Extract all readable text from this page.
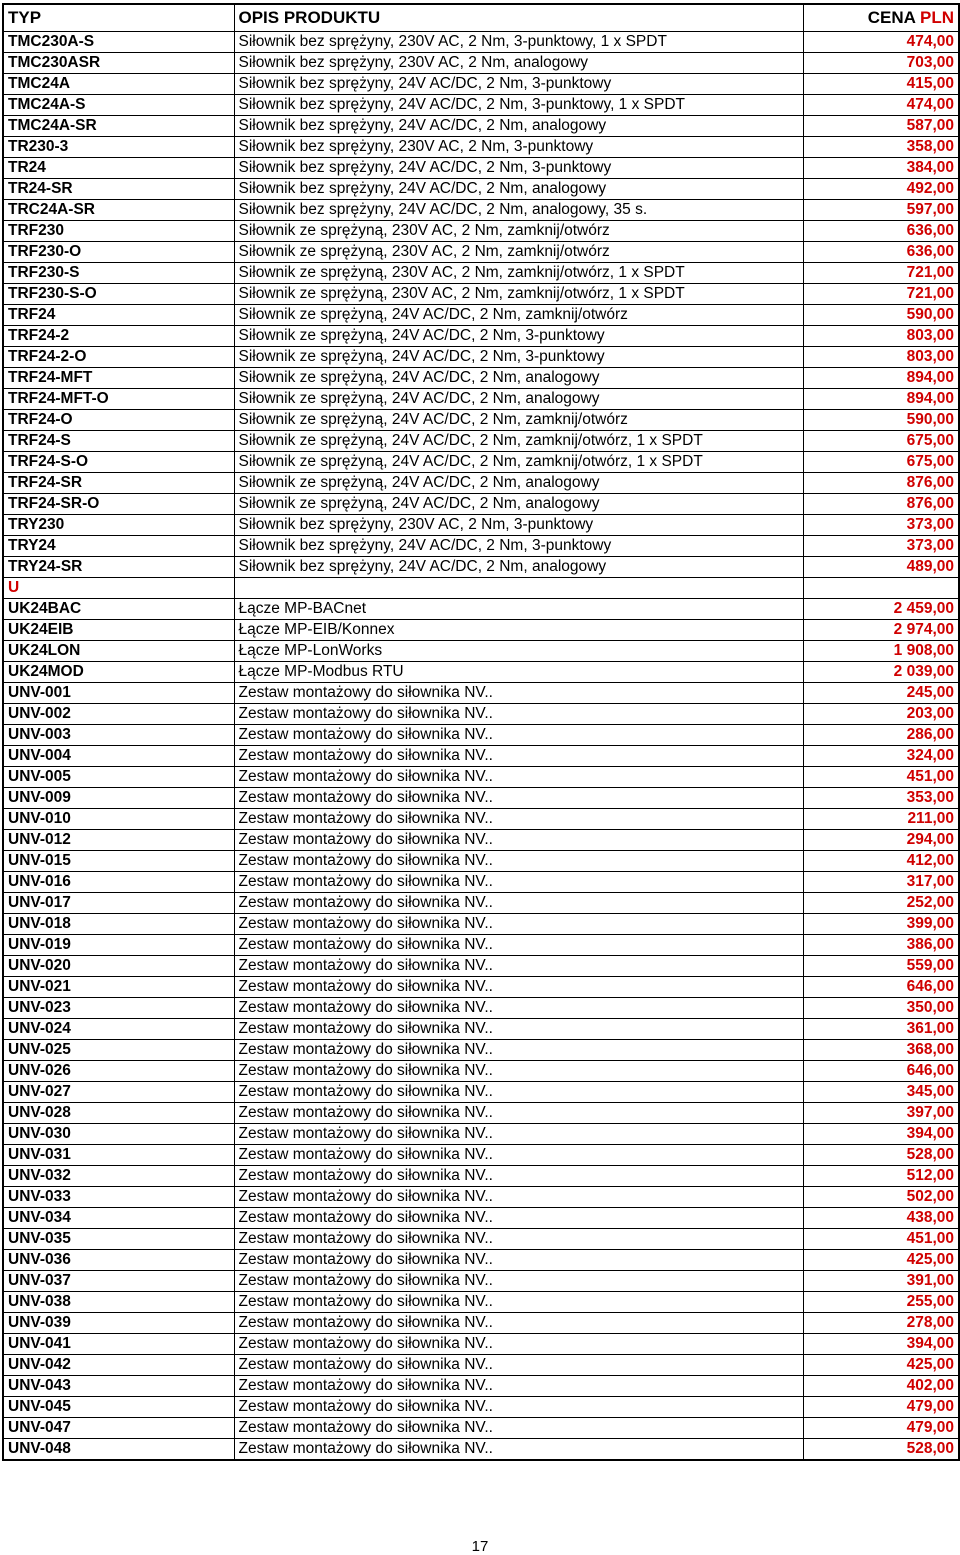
TYP	OPIS PRODUKTU	CENA PLN
TMC230A-S	Siłownik bez sprężyny, 230V AC, 2 Nm, 3-punktowy, 1 x SPDT	474,00
TMC230ASR	Siłownik bez sprężyny, 230V AC, 2 Nm, analogowy	703,00
TMC24A	Siłownik bez sprężyny, 24V AC/DC, 2 Nm, 3-punktowy	415,00
TMC24A-S	Siłownik bez sprężyny, 24V AC/DC, 2 Nm, 3-punktowy, 1 x SPDT	474,00
TMC24A-SR	Siłownik bez sprężyny, 24V AC/DC, 2 Nm, analogowy	587,00
TR230-3	Siłownik bez sprężyny, 230V AC, 2 Nm, 3-punktowy	358,00
TR24	Siłownik bez sprężyny, 24V AC/DC, 2 Nm, 3-punktowy	384,00
TR24-SR	Siłownik bez sprężyny, 24V AC/DC, 2 Nm, analogowy	492,00
TRC24A-SR	Siłownik bez sprężyny, 24V AC/DC, 2 Nm, analogowy, 35 s.	597,00
TRF230	Siłownik ze sprężyną, 230V AC, 2 Nm, zamknij/otwórz	636,00
TRF230-O	Siłownik ze sprężyną, 230V AC, 2 Nm, zamknij/otwórz	636,00
TRF230-S	Siłownik ze sprężyną, 230V AC, 2 Nm, zamknij/otwórz, 1 x SPDT	721,00
TRF230-S-O	Siłownik ze sprężyną, 230V AC, 2 Nm, zamknij/otwórz, 1 x SPDT	721,00
TRF24	Siłownik ze sprężyną, 24V AC/DC, 2 Nm, zamknij/otwórz	590,00
TRF24-2	Siłownik ze sprężyną, 24V AC/DC, 2 Nm, 3-punktowy	803,00
TRF24-2-O	Siłownik ze sprężyną, 24V AC/DC, 2 Nm, 3-punktowy	803,00
TRF24-MFT	Siłownik ze sprężyną, 24V AC/DC, 2 Nm, analogowy	894,00
TRF24-MFT-O	Siłownik ze sprężyną, 24V AC/DC, 2 Nm, analogowy	894,00
TRF24-O	Siłownik ze sprężyną, 24V AC/DC, 2 Nm, zamknij/otwórz	590,00
TRF24-S	Siłownik ze sprężyną, 24V AC/DC, 2 Nm, zamknij/otwórz, 1 x SPDT	675,00
TRF24-S-O	Siłownik ze sprężyną, 24V AC/DC, 2 Nm, zamknij/otwórz, 1 x SPDT	675,00
TRF24-SR	Siłownik ze sprężyną, 24V AC/DC, 2 Nm, analogowy	876,00
TRF24-SR-O	Siłownik ze sprężyną, 24V AC/DC, 2 Nm, analogowy	876,00
TRY230	Siłownik bez sprężyny, 230V AC, 2 Nm, 3-punktowy	373,00
TRY24	Siłownik bez sprężyny, 24V AC/DC, 2 Nm, 3-punktowy	373,00
TRY24-SR	Siłownik bez sprężyny, 24V AC/DC, 2 Nm, analogowy	489,00
U		
UK24BAC	Łącze MP-BACnet	2 459,00
UK24EIB	Łącze MP-EIB/Konnex	2 974,00
UK24LON	Łącze MP-LonWorks	1 908,00
UK24MOD	Łącze MP-Modbus RTU	2 039,00
UNV-001	Zestaw montażowy do siłownika NV..	245,00
UNV-002	Zestaw montażowy do siłownika NV..	203,00
UNV-003	Zestaw montażowy do siłownika NV..	286,00
UNV-004	Zestaw montażowy do siłownika NV..	324,00
UNV-005	Zestaw montażowy do siłownika NV..	451,00
UNV-009	Zestaw montażowy do siłownika NV..	353,00
UNV-010	Zestaw montażowy do siłownika NV..	211,00
UNV-012	Zestaw montażowy do siłownika NV..	294,00
UNV-015	Zestaw montażowy do siłownika NV..	412,00
UNV-016	Zestaw montażowy do siłownika NV..	317,00
UNV-017	Zestaw montażowy do siłownika NV..	252,00
UNV-018	Zestaw montażowy do siłownika NV..	399,00
UNV-019	Zestaw montażowy do siłownika NV..	386,00
UNV-020	Zestaw montażowy do siłownika NV..	559,00
UNV-021	Zestaw montażowy do siłownika NV..	646,00
UNV-023	Zestaw montażowy do siłownika NV..	350,00
UNV-024	Zestaw montażowy do siłownika NV..	361,00
UNV-025	Zestaw montażowy do siłownika NV..	368,00
UNV-026	Zestaw montażowy do siłownika NV..	646,00
UNV-027	Zestaw montażowy do siłownika NV..	345,00
UNV-028	Zestaw montażowy do siłownika NV..	397,00
UNV-030	Zestaw montażowy do siłownika NV..	394,00
UNV-031	Zestaw montażowy do siłownika NV..	528,00
UNV-032	Zestaw montażowy do siłownika NV..	512,00
UNV-033	Zestaw montażowy do siłownika NV..	502,00
UNV-034	Zestaw montażowy do siłownika NV..	438,00
UNV-035	Zestaw montażowy do siłownika NV..	451,00
UNV-036	Zestaw montażowy do siłownika NV..	425,00
UNV-037	Zestaw montażowy do siłownika NV..	391,00
UNV-038	Zestaw montażowy do siłownika NV..	255,00
UNV-039	Zestaw montażowy do siłownika NV..	278,00
UNV-041	Zestaw montażowy do siłownika NV..	394,00
UNV-042	Zestaw montażowy do siłownika NV..	425,00
UNV-043	Zestaw montażowy do siłownika NV..	402,00
UNV-045	Zestaw montażowy do siłownika NV..	479,00
UNV-047	Zestaw montażowy do siłownika NV..	479,00
UNV-048	Zestaw montażowy do siłownika NV..	528,00
17
